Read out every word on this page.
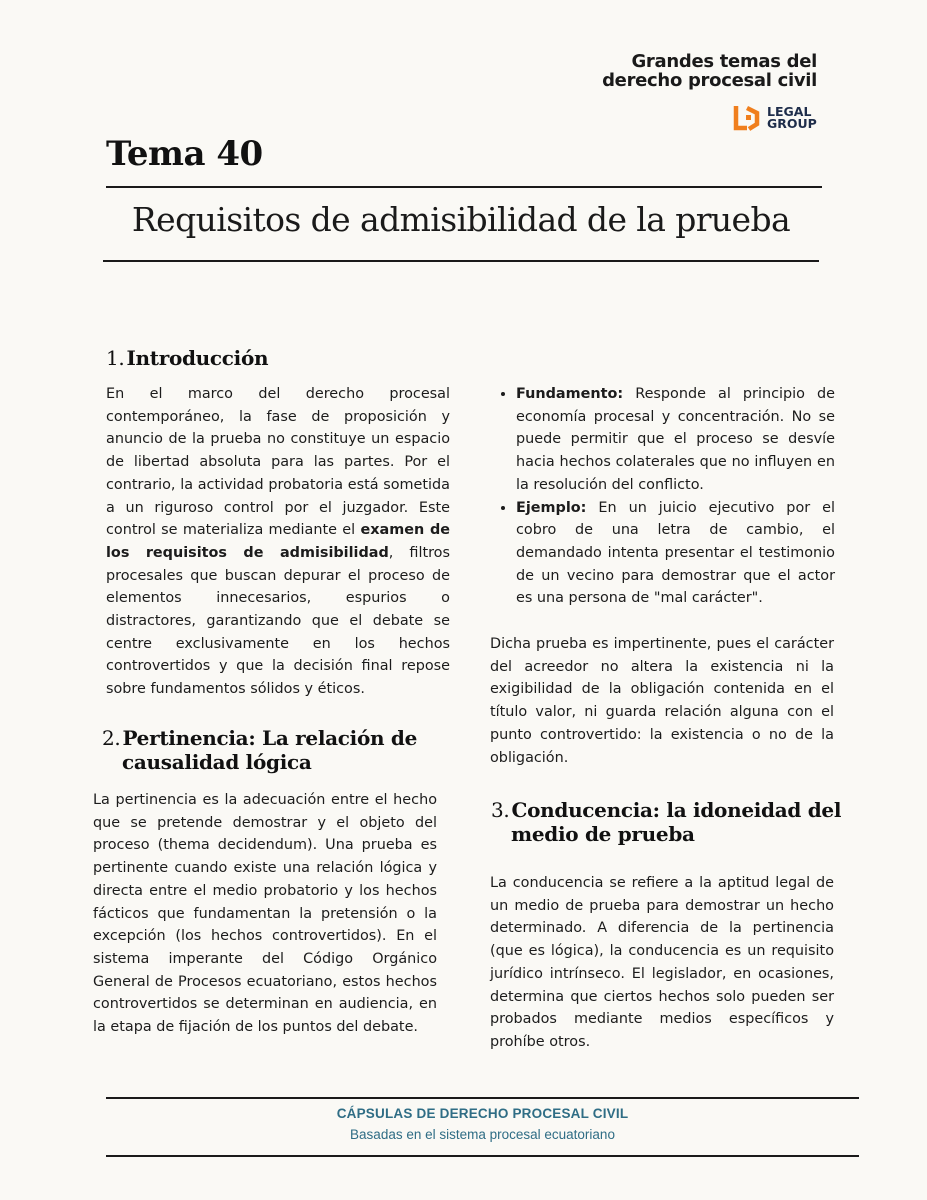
Grandes temas del
derecho procesal civil
LEGAL
GROUP
Tema 40
Requisitos de admisibilidad de la prueba
1. Introducción
En el marco del derecho procesal contemporáneo, la fase de proposición y anuncio de la prueba no constituye un espacio de libertad absoluta para las partes. Por el contrario, la actividad probatoria está sometida a un riguroso control por el juzgador. Este control se materializa mediante el examen de los requisitos de admisibilidad, filtros procesales que buscan depurar el proceso de elementos innecesarios, espurios o distractores, garantizando que el debate se centre exclusivamente en los hechos controvertidos y que la decisión final repose sobre fundamentos sólidos y éticos.
2. Pertinencia: La relación de
causalidad lógica
La pertinencia es la adecuación entre el hecho que se pretende demostrar y el objeto del proceso (thema decidendum). Una prueba es pertinente cuando existe una relación lógica y directa entre el medio probatorio y los hechos fácticos que fundamentan la pretensión o la excepción (los hechos controvertidos). En el sistema imperante del Código Orgánico General de Procesos ecuatoriano, estos hechos controvertidos se determinan en audiencia, en la etapa de fijación de los puntos del debate.
• Fundamento: Responde al principio de economía procesal y concentración. No se puede permitir que el proceso se desvíe hacia hechos colaterales que no influyen en la resolución del conflicto.
• Ejemplo: En un juicio ejecutivo por el cobro de una letra de cambio, el demandado intenta presentar el testimonio de un vecino para demostrar que el actor es una persona de "mal carácter".
Dicha prueba es impertinente, pues el carácter del acreedor no altera la existencia ni la exigibilidad de la obligación contenida en el título valor, ni guarda relación alguna con el punto controvertido: la existencia o no de la obligación.
3. Conducencia: la idoneidad del
medio de prueba
La conducencia se refiere a la aptitud legal de un medio de prueba para demostrar un hecho determinado. A diferencia de la pertinencia (que es lógica), la conducencia es un requisito jurídico intrínseco. El legislador, en ocasiones, determina que ciertos hechos solo pueden ser probados mediante medios específicos y prohíbe otros.
CÁPSULAS DE DERECHO PROCESAL CIVIL
Basadas en el sistema procesal ecuatoriano
